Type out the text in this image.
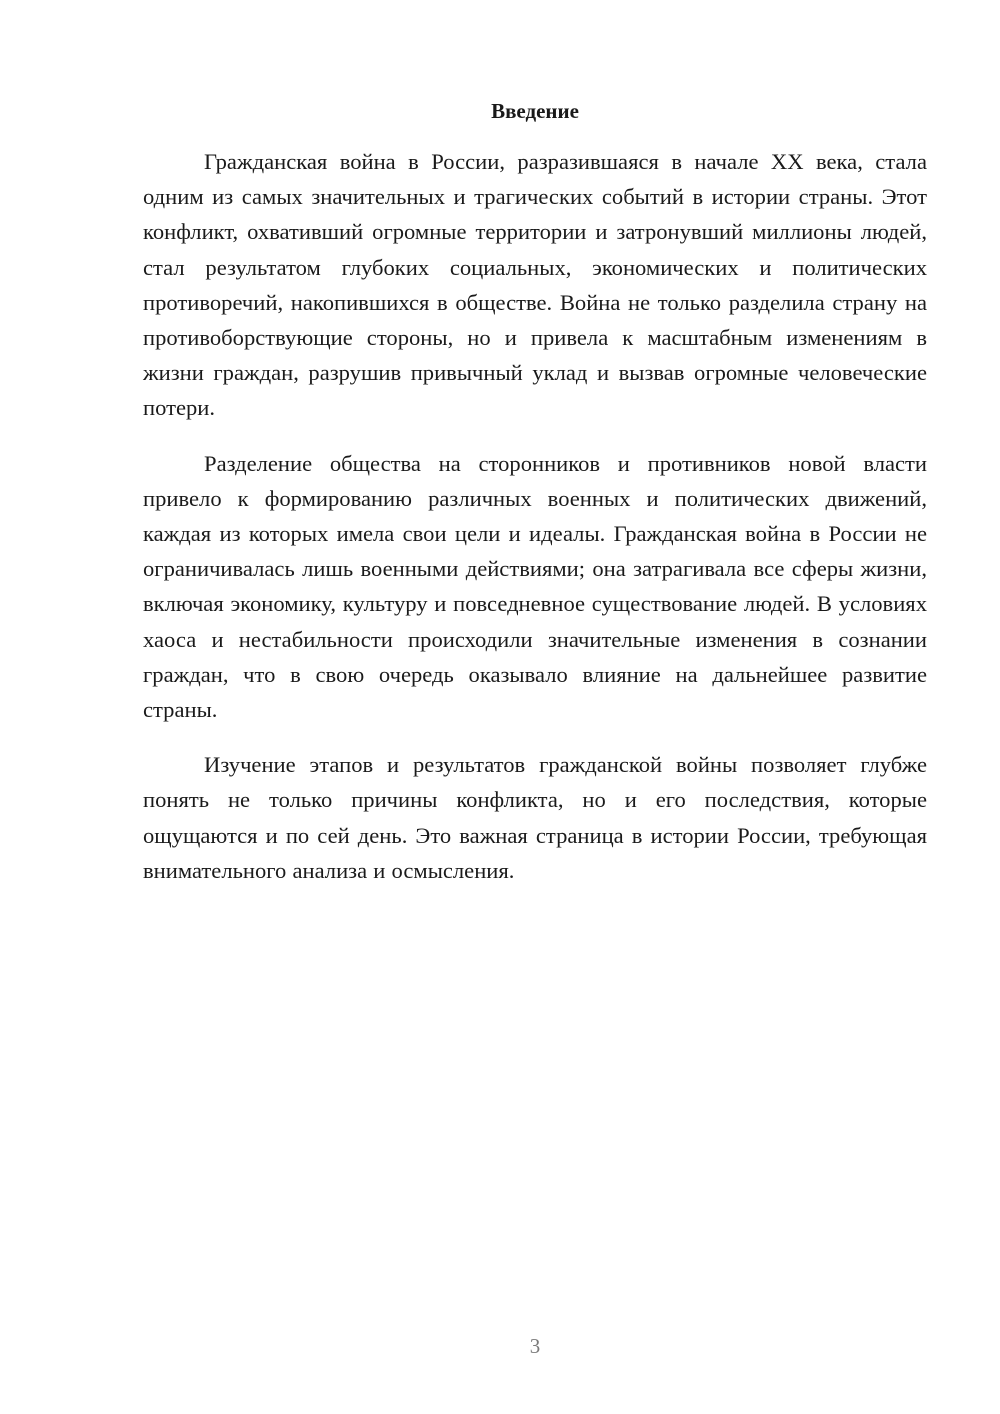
Введение

Гражданская война в России, разразившаяся в начале XX века, стала одним из самых значительных и трагических событий в истории страны. Этот конфликт, охвативший огромные территории и затронувший миллионы людей, стал результатом глубоких социальных, экономических и политических противоречий, накопившихся в обществе. Война не только разделила страну на противоборствующие стороны, но и привела к масштабным изменениям в жизни граждан, разрушив привычный уклад и вызвав огромные человеческие потери.

Разделение общества на сторонников и противников новой власти привело к формированию различных военных и политических движений, каждая из которых имела свои цели и идеалы. Гражданская война в России не ограничивалась лишь военными действиями; она затрагивала все сферы жизни, включая экономику, культуру и повседневное существование людей. В условиях хаоса и нестабильности происходили значительные изменения в сознании граждан, что в свою очередь оказывало влияние на дальнейшее развитие страны.

Изучение этапов и результатов гражданской войны позволяет глубже понять не только причины конфликта, но и его последствия, которые ощущаются и по сей день. Это важная страница в истории России, требующая внимательного анализа и осмысления.

3
